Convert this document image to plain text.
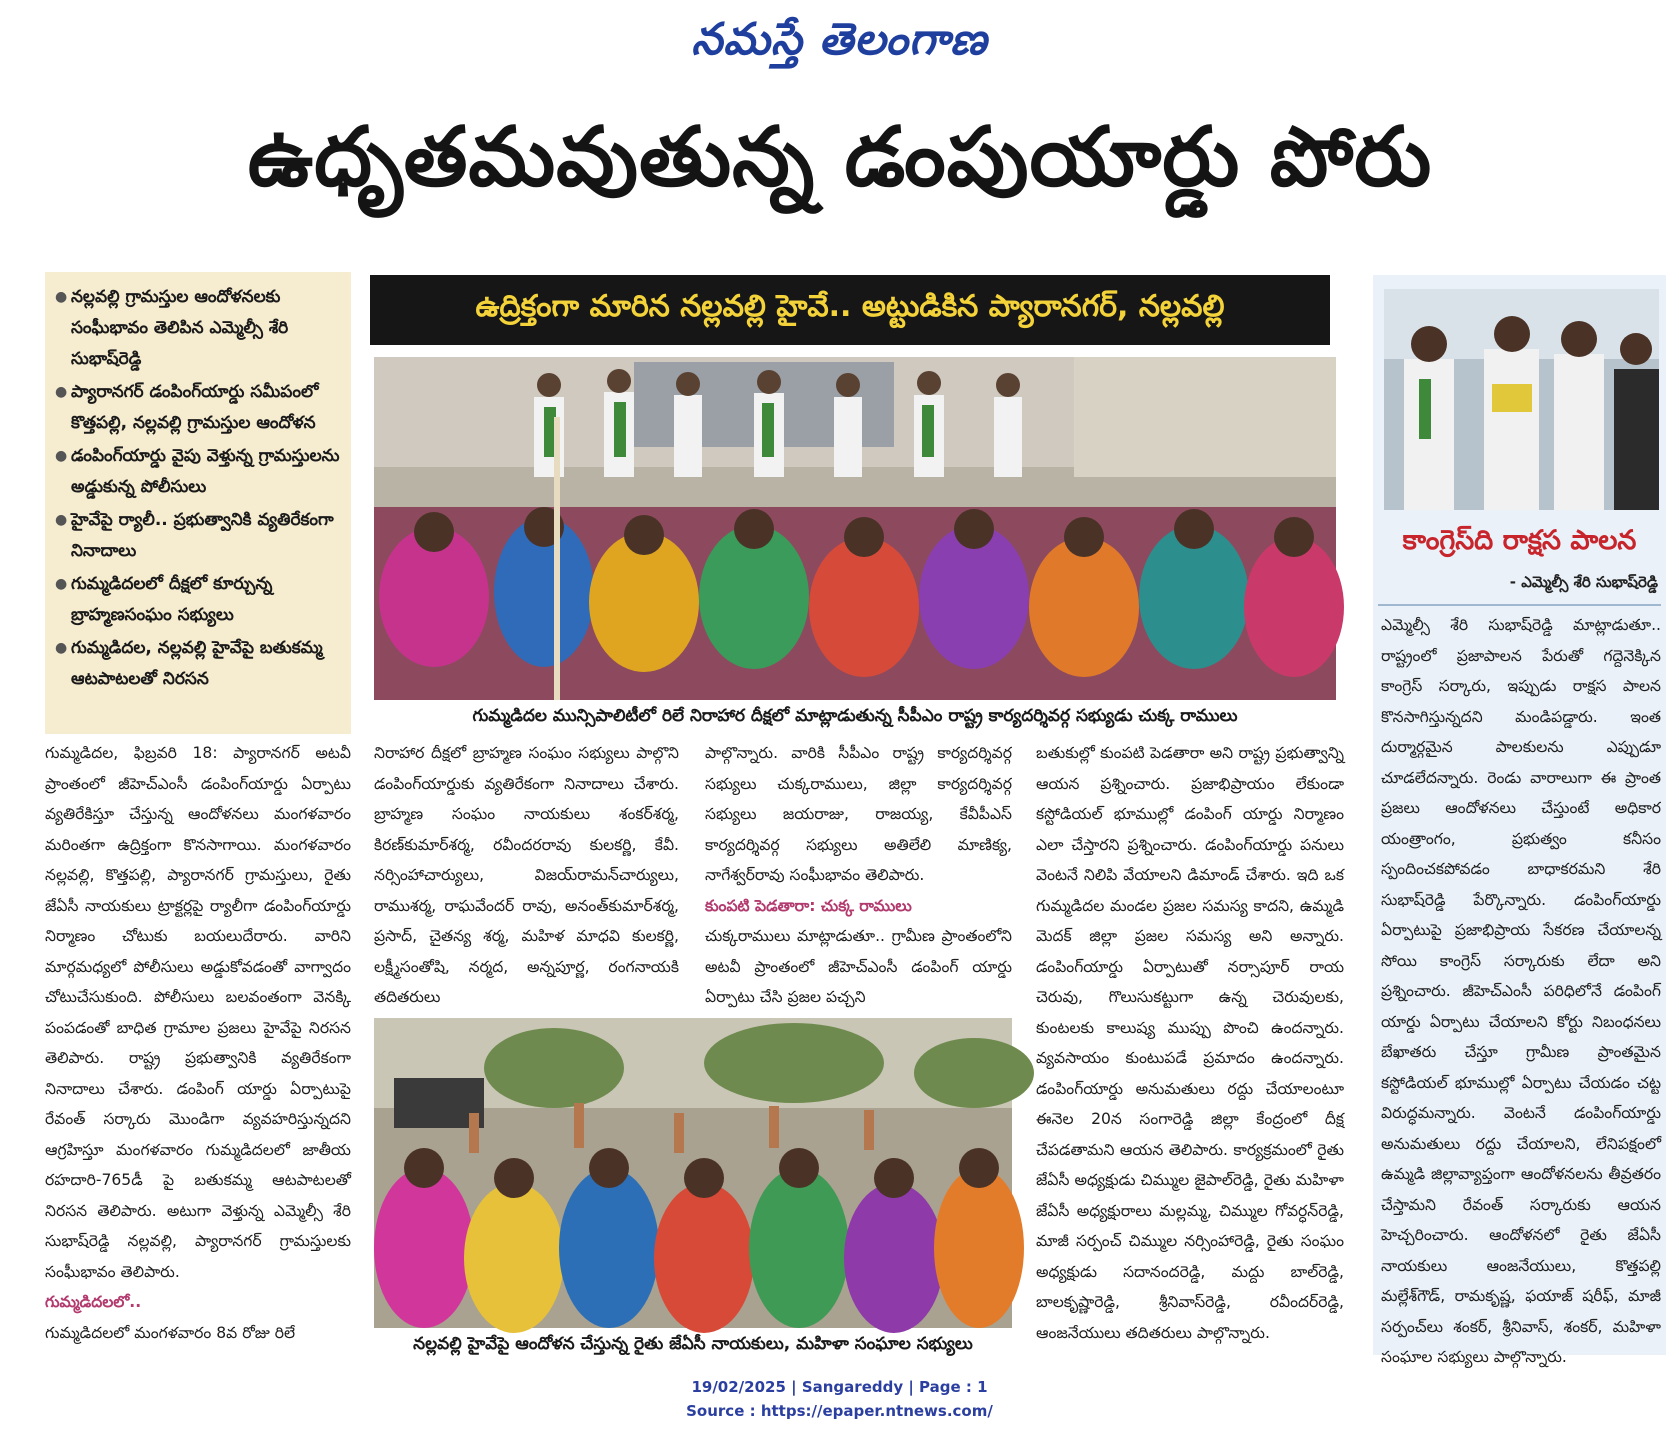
నమస్తే తెలంగాణ
ఉధృతమవుతున్న డంపుయార్డు పోరు
● నల్లవల్లి గ్రామస్తుల ఆందోళనలకు సంఘీభావం తెలిపిన ఎమ్మెల్సీ శేరి సుభాష్‌రెడ్డి
● ప్యారానగర్ డంపింగ్‌యార్డు సమీపంలో కొత్తపల్లి, నల్లవల్లి గ్రామస్తుల ఆందోళన
● డంపింగ్‌యార్డు వైపు వెళ్తున్న గ్రామస్తులను అడ్డుకున్న పోలీసులు
● హైవేపై ర్యాలీ.. ప్రభుత్వానికి వ్యతిరేకంగా నినాదాలు
● గుమ్మడిదలలో దీక్షలో కూర్చున్న బ్రాహ్మణసంఘం సభ్యులు
● గుమ్మడిదల, నల్లవల్లి హైవేపై బతుకమ్మ ఆటపాటలతో నిరసన
ఉద్రిక్తంగా మారిన నల్లవల్లి హైవే.. అట్టుడికిన ప్యారానగర్, నల్లవల్లి
గుమ్మడిదల మున్సిపాలిటీలో రిలే నిరాహార దీక్షలో మాట్లాడుతున్న సీపీఎం రాష్ట్ర కార్యదర్శివర్గ సభ్యుడు చుక్క రాములు
నల్లవల్లి హైవేపై ఆందోళన చేస్తున్న రైతు జేఏసీ నాయకులు, మహిళా సంఘాల సభ్యులు
గుమ్మడిదల, ఫిబ్రవరి 18: ప్యారానగర్ అటవీ ప్రాంతంలో జీహెచ్ఎంసీ డంపింగ్‌యార్డు ఏర్పాటు వ్యతిరేకిస్తూ చేస్తున్న ఆందోళనలు మంగళవారం మరింతగా ఉద్రిక్తంగా కొనసాగాయి. మంగళవారం నల్లవల్లి, కొత్తపల్లి, ప్యారానగర్ గ్రామస్తులు, రైతు జేఏసీ నాయకులు ట్రాక్టర్లపై ర్యాలీగా డంపింగ్‌యార్డు నిర్మాణం చోటుకు బయలుదేరారు. వారిని మార్గమధ్యలో పోలీసులు అడ్డుకోవడంతో వాగ్వాదం చోటుచేసుకుంది. పోలీసులు బలవంతంగా వెనక్కి పంపడంతో బాధిత గ్రామాల ప్రజలు హైవేపై నిరసన తెలిపారు. రాష్ట్ర ప్రభుత్వానికి వ్యతిరేకంగా నినాదాలు చేశారు. డంపింగ్ యార్డు ఏర్పాటుపై రేవంత్ సర్కారు మొండిగా వ్యవహరిస్తున్నదని ఆగ్రహిస్తూ మంగళవారం గుమ్మడిదలలో జాతీయ రహదారి-765డీ పై బతుకమ్మ ఆటపాటలతో నిరసన తెలిపారు. అటుగా వెళ్తున్న ఎమ్మెల్సీ శేరి సుభాష్‌రెడ్డి నల్లవల్లి, ప్యారానగర్ గ్రామస్తులకు సంఘీభావం తెలిపారు.
గుమ్మడిదలలో..
గుమ్మడిదలలో మంగళవారం 8వ రోజు రిలే
నిరాహార దీక్షలో బ్రాహ్మణ సంఘం సభ్యులు పాల్గొని డంపింగ్‌యార్డుకు వ్యతిరేకంగా నినాదాలు చేశారు. బ్రాహ్మణ సంఘం నాయకులు శంకర్‌శర్మ, కిరణ్‌కుమార్‌శర్మ, రవీందర‌రావు కులకర్ణి, కేవీ. నర్సింహాచార్యులు, విజయ్‌రామన్‌చార్యులు, రాముశర్మ, రాఘవేందర్ రావు, అనంత్‌కుమార్‌శర్మ, ప్రసాద్, చైతన్య శర్మ, మహిళ మాధవి కులకర్ణి, లక్ష్మీసంతోషి, నర్మద, అన్నపూర్ణ, రంగనాయకి తదితరులు
పాల్గొన్నారు. వారికి సీపీఎం రాష్ట్ర కార్యదర్శివర్గ సభ్యులు చుక్కరాములు, జిల్లా కార్యదర్శివర్గ సభ్యులు జయరాజు, రాజయ్య, కేవీపీఎస్ కార్యదర్శివర్గ సభ్యులు అతిలేలి మాణిక్య, నాగేశ్వర్‌రావు సంఘీభావం తెలిపారు.
కుంపటి పెడతారా: చుక్క రాములు
చుక్కరాములు మాట్లాడుతూ.. గ్రామీణ ప్రాంతంలోని అటవీ ప్రాంతంలో జీహెచ్ఎంసీ డంపింగ్ యార్డు ఏర్పాటు చేసి ప్రజల పచ్చని
బతుకుల్లో కుంపటి పెడతారా అని రాష్ట్ర ప్రభుత్వాన్ని ఆయన ప్రశ్నించారు. ప్రజాభిప్రాయం లేకుండా కస్టోడియల్ భూముల్లో డంపింగ్ యార్డు నిర్మాణం ఎలా చేస్తారని ప్రశ్నించారు. డంపింగ్‌యార్డు పనులు వెంటనే నిలిపి వేయాలని డిమాండ్ చేశారు. ఇది ఒక గుమ్మడిదల మండల ప్రజల సమస్య కాదని, ఉమ్మడి మెదక్ జిల్లా ప్రజల సమస్య అని అన్నారు. డంపింగ్‌యార్డు ఏర్పాటుతో నర్సాపూర్ రాయ చెరువు, గొలుసుకట్టుగా ఉన్న చెరువులకు, కుంటలకు కాలుష్య ముప్పు పొంచి ఉందన్నారు. వ్యవసాయం కుంటుపడే ప్రమాదం ఉందన్నారు. డంపింగ్‌యార్డు అనుమతులు రద్దు చేయాలంటూ ఈనెల 20న సంగారెడ్డి జిల్లా కేంద్రంలో దీక్ష చేపడతామని ఆయన తెలిపారు. కార్యక్రమంలో రైతు జేఏసీ అధ్యక్షుడు చిమ్ముల జైపాల్‌రెడ్డి, రైతు మహిళా జేఏసీ అధ్యక్షురాలు మల్లమ్మ, చిమ్ముల గోవర్ధన్‌రెడ్డి, మాజీ సర్పంచ్ చిమ్ముల నర్సింహారెడ్డి, రైతు సంఘం అధ్యక్షుడు సదానందరెడ్డి, మద్దు బాల్‌రెడ్డి, బాలకృష్ణారెడ్డి, శ్రీనివాస్‌రెడ్డి, రవీందర్‌రెడ్డి, ఆంజనేయులు తదితరులు పాల్గొన్నారు.
కాంగ్రెస్‌ది రాక్షస పాలన
- ఎమ్మెల్సీ శేరి సుభాష్‌రెడ్డి
ఎమ్మెల్సీ శేరి సుభాష్‌రెడ్డి మాట్లాడుతూ.. రాష్ట్రంలో ప్రజాపాలన పేరుతో గద్దెనెక్కిన కాంగ్రెస్ సర్కారు, ఇప్పుడు రాక్షస పాలన కొనసాగిస్తున్నదని మండిపడ్డారు. ఇంత దుర్మార్గమైన పాలకులను ఎప్పుడూ చూడలేదన్నారు. రెండు వారాలుగా ఈ ప్రాంత ప్రజలు ఆందోళనలు చేస్తుంటే అధికార యంత్రాంగం, ప్రభుత్వం కనీసం స్పందించకపోవడం బాధాకరమని శేరి సుభాష్‌రెడ్డి పేర్కొన్నారు. డంపింగ్‌యార్డు ఏర్పాటుపై ప్రజాభిప్రాయ సేకరణ చేయాలన్న సోయి కాంగ్రెస్ సర్కారుకు లేదా అని ప్రశ్నించారు. జీహెచ్ఎంసీ పరిధిలోనే డంపింగ్ యార్డు ఏర్పాటు చేయాలని కోర్టు నిబంధనలు బేఖాతరు చేస్తూ గ్రామీణ ప్రాంతమైన కస్టోడియల్ భూముల్లో ఏర్పాటు చేయడం చట్ట విరుద్ధమన్నారు. వెంటనే డంపింగ్‌యార్డు అనుమతులు రద్దు చేయాలని, లేనిపక్షంలో ఉమ్మడి జిల్లావ్యాప్తంగా ఆందోళనలను తీవ్రతరం చేస్తామని రేవంత్ సర్కారుకు ఆయన హెచ్చరించారు. ఆందోళనలో రైతు జేఏసీ నాయకులు ఆంజనేయులు, కొత్తపల్లి మల్లేశ్‌గౌడ్, రామకృష్ణ, ఫయాజ్ షరీఫ్, మాజీ సర్పంచ్‌లు శంకర్, శ్రీనివాస్, శంకర్, మహిళా సంఘాల సభ్యులు పాల్గొన్నారు.
19/02/2025 | Sangareddy | Page : 1
Source : https://epaper.ntnews.com/
